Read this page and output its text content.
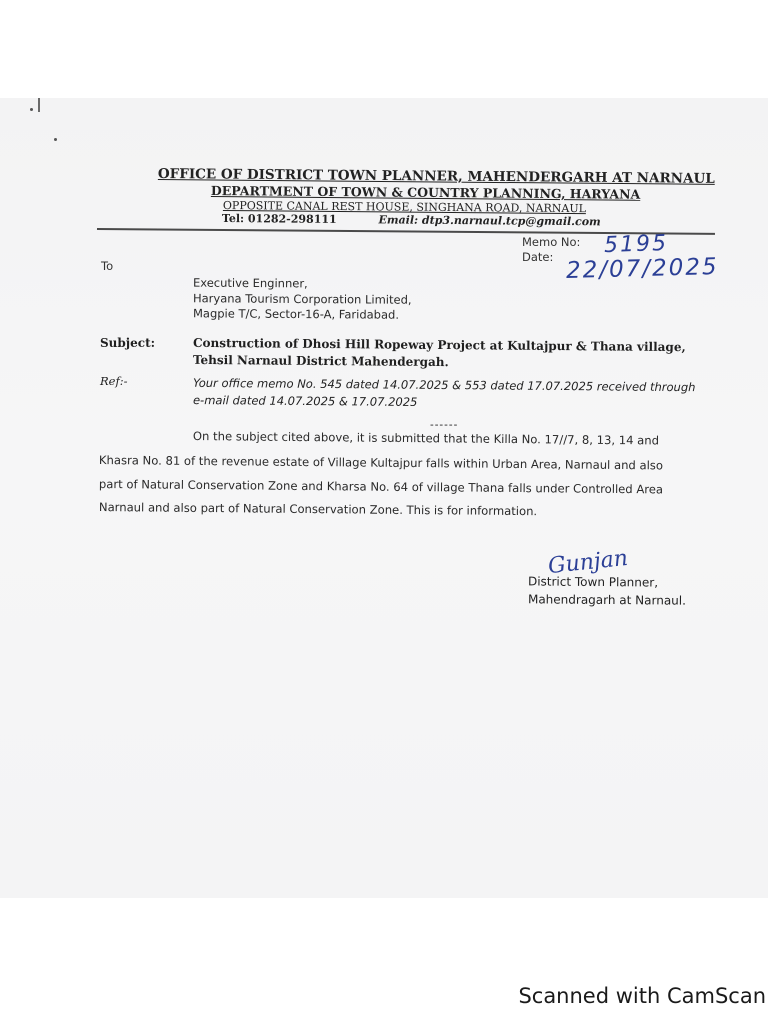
OFFICE OF DISTRICT TOWN PLANNER, MAHENDERGARH AT NARNAUL
DEPARTMENT OF TOWN & COUNTRY PLANNING, HARYANA
OPPOSITE CANAL REST HOUSE, SINGHANA ROAD, NARNAUL
Tel: 01282-298111	Email: dtp3.narnaul.tcp@gmail.com
Memo No: 5195
Date: 22/07/2025
To
Executive Enginner,
Haryana Tourism Corporation Limited,
Magpie T/C, Sector-16-A, Faridabad.
Subject:	Construction of Dhosi Hill Ropeway Project at Kultajpur & Thana village,
Tehsil Narnaul District Mahendergah.
Ref:-	Your office memo No. 545 dated 14.07.2025 & 553 dated 17.07.2025 received through
e-mail dated 14.07.2025 & 17.07.2025
------
On the subject cited above, it is submitted that the Killa No. 17//7, 8, 13, 14 and
Khasra No. 81 of the revenue estate of Village Kultajpur falls within Urban Area, Narnaul and also
part of Natural Conservation Zone and Kharsa No. 64 of village Thana falls under Controlled Area
Narnaul and also part of Natural Conservation Zone. This is for information.
Gunjan
District Town Planner,
Mahendragarh at Narnaul.
Scanned with CamScan
